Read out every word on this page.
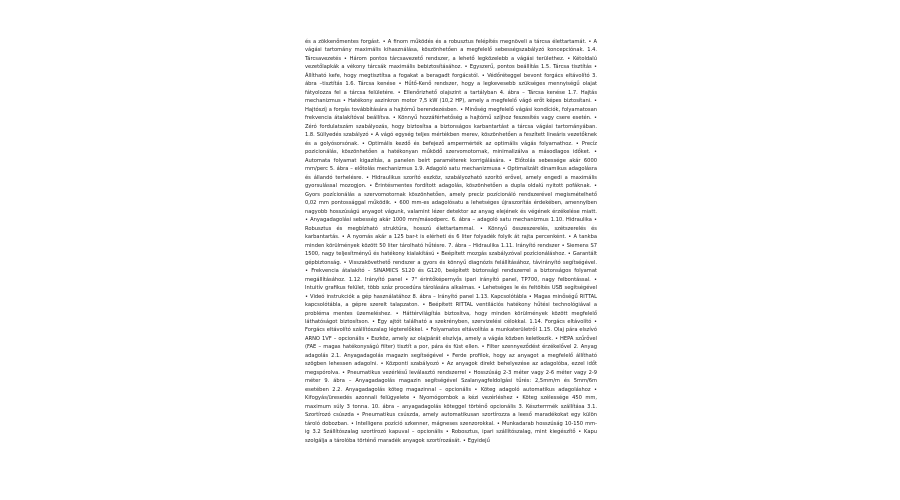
és a zökkenőmentes forgást. • A finom működés és a robusztus felépítés megnöveli a tárcsa élettartamát. • A vágási tartomány maximális kihasználása, köszönhetően a megfelelő sebességszabályzó koncepciónak. 1.4. Tárcsavezetés • Három pontos tárcsavezető rendszer, a lehető legközelebb a vágási területhez. • Kétoldalú vezetőlapkák a vékony tárcsák maximális bebiztosításához. • Egyszerű, pontos beállítás 1.5. Tárcsa tisztítás • Állítható kefe, hogy megtisztítsa a fogakat a beragadt forgácstól. • Védőréteggel bevont forgács eltávolító 3. ábra –tisztítás 1.6. Tárcsa kenése • Hűtő-Kenő rendszer, hogy a legkevesebb szükséges mennyiségű olajat fátyolozza fel a tárcsa felületére. • Ellenőrizhető olajszint a tartályban 4. ábra – Tárcsa kenése 1.7. Hajtás mechanizmus • Hatékony aszinkron motor 7,5 kW (10,2 HP), amely a megfelelő vágó erőt képes biztosítani. • Hajtószíj a forgás továbbítására a hajtómű berendezésben. • Minőség megfelelő vágási kondíciók, folyamatosan frekvencia átalakítóval beállítva. • Könnyű hozzáférhetőség a hajtómű szíjhoz feszesítés vagy csere esetén. • Zéró fordulatszám szabályozás, hogy biztosítsa a biztonságos karbantartást a tárcsa vágási tartományában. 1.8. Süllyedés szabályzó • A vágó egység teljes mértékben merev, köszönhetően a feszített lineáris vezetőknek és a golyósorsónak. • Optimális kezdő és befejező ampermérték az optimális vágás folyamathoz. • Precíz pozicionálás, köszönhetően a hatékonyan működő szervomotornak, minimalizálva a másodlagos időket. • Automata folyamat kigazítás, a panelen beírt paraméterek korrigálására. • Előtolás sebessége akár 6000 mm/perc 5. ábra – előtolás mechanizmus 1.9. Adagoló satu mechanizmusa • Optimalizált dinamikus adagolásra és állandó terhelésre. • Hidraulikus szorító eszköz, szabályozható szorító erővel, amely engedi a maximális gyorsulással mozogjon. • Érintésmentes fordított adagolás, köszönhetően a dupla oldalú nyitott pofáknak. • Gyors pozícionálás a szervomotornak köszönhetően, amely precíz pozícionáló rendszerével megismételhető 0,02 mm pontossággal működik. • 600 mm-es adagolósatu a lehetséges újraszorítás érdekében, amennyiben nagyobb hosszúságú anyagot vágunk, valamint lézer detektor az anyag elejének és végének érzékelése miatt. • Anyagadagolási sebesség akár 1000 mm/másodperc. 6. ábra – adagoló satu mechanizmus 1.10. Hidraulika • Robusztus és megbízható struktúra, hosszú élettartammal. • Könnyű összeszerelés, szétszerelés és karbantartás. • A nyomás akár a 125 bar-t is elérheti és 6 liter folyadék folyik át rajta percenként. • A tankba minden körülmények között 50 liter tárolható hűtésre. 7. ábra – Hidraulika 1.11. Irányító rendszer • Siemens S7 1500, nagy teljesítményű és hatékony kialakítású • Beépített mozgás szabályzóval pozícionáláshoz. • Garantált gépbiztonság. • Visszakövethető rendszer a gyors és könnyű diagnózis felállításához, távirányító segítségével. • Frekvencia átalakító – SINAMICS S120 és G120, beépített biztonsági rendszerrel a biztonságos folyamat megállításához. 1.12. Irányító panel • 7" érintőképernyős ipari irányító panel, TP700, nagy felbontással. • Intuitív grafikus felület, több száz procedúra tárolására alkalmas. • Lehetséges le és feltöltés USB segítségével • Videó instrukciók a gép használatához 8. ábra – Irányító panel 1.13. Kapcsolótábla • Magas minőségű RITTAL kapcsolótábla, a gépre szerelt talapzaton. • Beépített RITTAL ventilációs hatékony hűtési technológiával a probléma mentes üzemeléshez. • Háttérvilágítás biztosítva, hogy minden körülmények között megfelelő láthatóságot biztosítson. • Egy ajtót található a szekrényben, szervizelési célokkal. 1.14. Forgács eltávolító • Forgács eltávolító szállítószalag légterelőkkel. • Folyamatos eltávolítás a munkaterületről 1.15. Olaj pára elszívó ARNO 1VF – opcionális • Eszköz, amely az olajpárát elszívja, amely a vágás közben keletkezik. • HEPA szűrővel (FAE – magas hatékonyságú filter) tisztít a por, pára és füst ellen. • Filter szennyeződést érzékelővel 2. Anyag adagolás 2.1. Anyagadagolás magazin segítségével • Ferde profilok, hogy az anyagot a megfelelő állítható szögben lehessen adagolni. • Központi szabályozó • Az anyagok direkt behelyezése az adagolóba, ezzel időt megspórolva. • Pneumatikus vezérlésű leválasztó rendszerrel • Hosszúság 2-3 méter vagy 2-6 méter vagy 2-9 méter 9. ábra – Anyagadagolás magazin segítségével Szalanyagfeldolgási tűrés: 2,5mm/m és 5mm/6m esetében 2.2. Anyagadagolás köteg magazinnal – opcionális • Köteg adagoló automatikus adagoláshoz • Kifogyás/üresedés azonnali felügyelete • Nyomógombok a kézi vezérléshez • Köteg szélessége 450 mm, maximum súly 3 tonna. 10. ábra – anyagadagolás köteggel történő opcionális 3. Készterrmék szállítása 3.1. Szortírozó csúszda • Pneumatikus csúszda, amely automatikusan szortírozza a leeső maradékokat egy külön tároló dobozban. • Intelligens pozíció szkenner, mágneses szenzorokkal. • Munkadarab hosszúság 10-150 mm-ig 3.2 Szállítószalag szortírozó kapuval – opcionális • Robosztus, ipari szállítószalag, mint kiegészítő • Kapu szolgálja a tárolóba történő maradék anyagok szortírozását. • Egyidejű
